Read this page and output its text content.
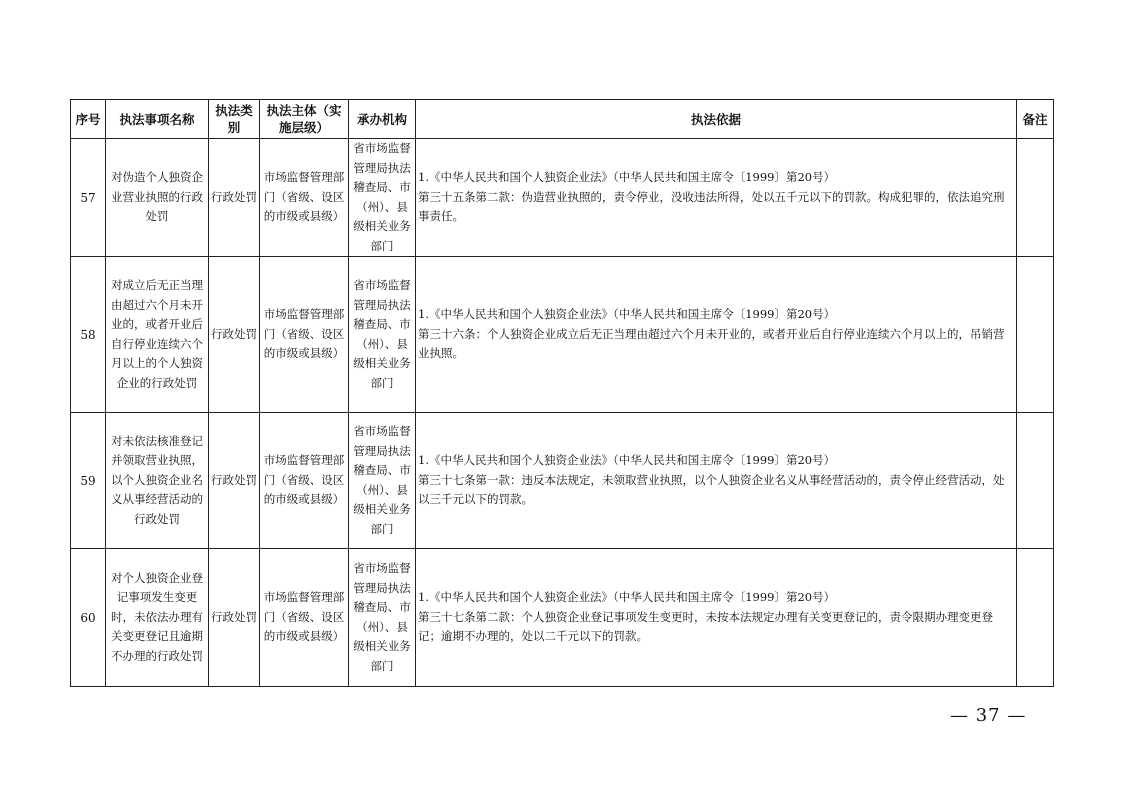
序号	执法事项名称	执法类别	执法主体（实施层级）	承办机构	执法依据	备注
57	对伪造个人独资企业营业执照的行政处罚	行政处罚	市场监督管理部门（省级、设区的市级或县级）	省市场监督管理局执法稽查局、市（州）、县级相关业务部门	1.《中华人民共和国个人独资企业法》（中华人民共和国主席令〔1999〕第20号）
第三十五条第二款：伪造营业执照的，责令停业，没收违法所得，处以五千元以下的罚款。构成犯罪的，依法追究刑事责任。	

58	对成立后无正当理由超过六个月未开业的，或者开业后自行停业连续六个月以上的个人独资企业的行政处罚	行政处罚	市场监督管理部门（省级、设区的市级或县级）	省市场监督管理局执法稽查局、市（州）、县级相关业务部门	1.《中华人民共和国个人独资企业法》（中华人民共和国主席令〔1999〕第20号）
第三十六条：个人独资企业成立后无正当理由超过六个月未开业的，或者开业后自行停业连续六个月以上的，吊销营业执照。	

59	对未依法核准登记并领取营业执照，以个人独资企业名义从事经营活动的行政处罚	行政处罚	市场监督管理部门（省级、设区的市级或县级）	省市场监督管理局执法稽查局、市（州）、县级相关业务部门	1.《中华人民共和国个人独资企业法》（中华人民共和国主席令〔1999〕第20号）
第三十七条第一款：违反本法规定，未领取营业执照，以个人独资企业名义从事经营活动的，责令停止经营活动，处以三千元以下的罚款。	

60	对个人独资企业登记事项发生变更时，未依法办理有关变更登记且逾期不办理的行政处罚	行政处罚	市场监督管理部门（省级、设区的市级或县级）	省市场监督管理局执法稽查局、市（州）、县级相关业务部门	1.《中华人民共和国个人独资企业法》（中华人民共和国主席令〔1999〕第20号）
第三十七条第二款：个人独资企业登记事项发生变更时，未按本法规定办理有关变更登记的，责令限期办理变更登记；逾期不办理的，处以二千元以下的罚款。	

— 37 —
